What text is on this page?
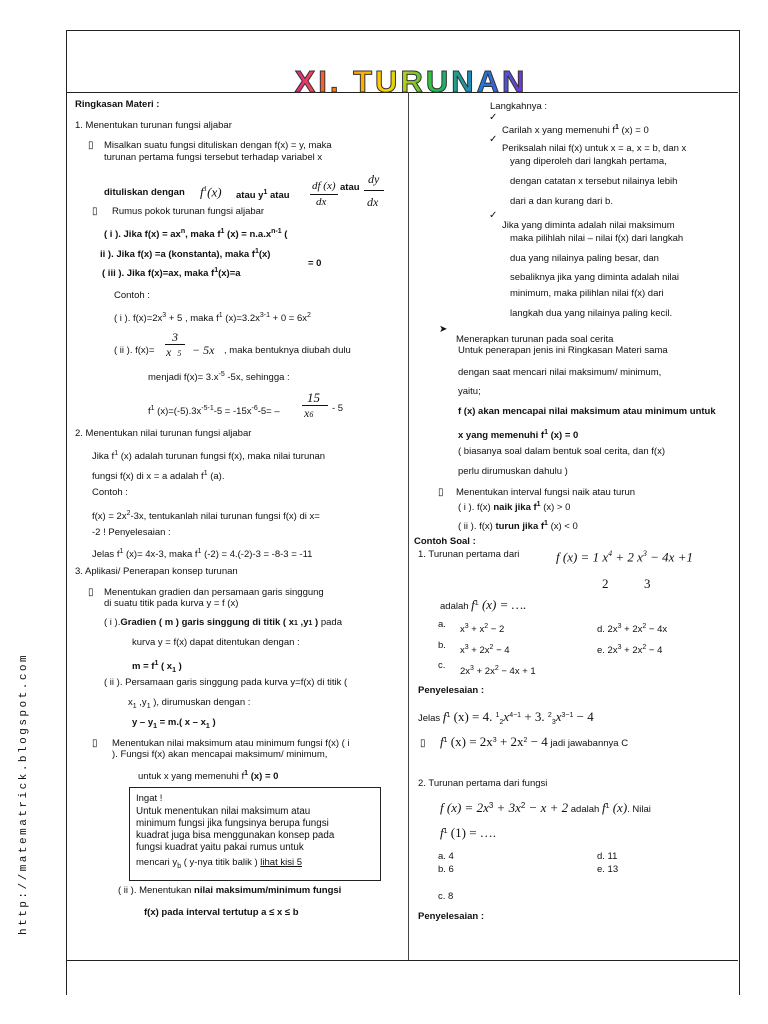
http://matematrick.blogspot.com
XI. TURUNAN
Ringkasan Materi :
1. Menentukan turunan fungsi aljabar
▯ Misalkan suatu fungsi dituliskan dengan f(x) = y, maka
turunan pertama fungsi tersebut terhadap variabel x
dituliskan dengan $f^1(x)$ atau $y^1$ atau
df (x)
dx
atau
dy
dx
▯ Rumus pokok turunan fungsi aljabar
( i ). Jika $f(x) = ax^n$, maka $f^1$ $(x) = n.a.x^{n-1}$ (
ii ). Jika f(x) =a (konstanta), maka $f^1(x)$
= 0
( iii ). Jika f(x)=ax, maka $f^1(x)=a$
Contoh :
( i ). $f(x)=2x^3 + 5$ , maka $f^1$ $(x)=3.2x^{3-1} + 0 = 6x^2$
( ii ). f(x)=
3
x 5 − 5x , maka bentuknya diubah dulu
menjadi $f(x)= 3.x^{-5}$ -5x, sehingga :
$f^1$ $(x)=(-5).3x^{-5-1}-5 = -15x^{-6}-5=$ –
15
x6
- 5
2. Menentukan nilai turunan fungsi aljabar
Jika $f^1$ (x) adalah turunan fungsi f(x), maka nilai turunan
fungsi f(x) di x = a adalah $f^1$ (a).
Contoh :
$f(x) = 2x^2-3x$, tentukanlah nilai turunan fungsi f(x) di x=
-2 ! Penyelesaian :
Jelas $f^1$ (x)= 4x-3, maka $f^1$ (-2) = 4.(-2)-3 = -8-3 = -11
3. Aplikasi/ Penerapan konsep turunan
▯ Menentukan gradien dan persamaan garis singgung
di suatu titik pada kurva y = f (x)
( i ).Gradien ( m ) garis singgung di titik ( x1 ,y1 ) pada
kurva y = f(x) dapat ditentukan dengan :
$m = f^1$ ( $x_1$ )
( ii ). Persamaan garis singgung pada kurva y=f(x) di titik (
$x_1$ $,y_1$ ), dirumuskan dengan :
$y - y_1 = m$.( x – $x_1$ )
▯ Menentukan nilai maksimum atau minimum fungsi f(x) ( i
). Fungsi f(x) akan mencapai maksimum/ minimum,
untuk x yang memenuhi $f^1$ (x) = 0
Ingat !
Untuk menentukan nilai maksimum atau
minimum fungsi jika fungsinya berupa fungsi
kuadrat juga bisa menggunakan konsep pada
fungsi kuadrat yaitu pakai rumus untuk
mencari $y_b$ ( y-nya titik balik ) lihat kisi 5
( ii ). Menentukan nilai maksimum/minimum fungsi
f(x) pada interval tertutup a ≤ x ≤ b
Langkahnya :
✓
Carilah x yang memenuhi $f^1$ (x) = 0
✓
Periksalah nilai f(x) untuk x = a, x = b, dan x
yang diperoleh dari langkah pertama,
dengan catatan x tersebut nilainya lebih
dari a dan kurang dari b.
✓
Jika yang diminta adalah nilai maksimum
maka pilihlah nilai – nilai f(x) dari langkah
dua yang nilainya paling besar, dan
sebaliknya jika yang diminta adalah nilai
minimum, maka pilihlan nilai f(x) dari
langkah dua yang nilainya paling kecil.
➤
Menerapkan turunan pada soal cerita
Untuk penerapan jenis ini Ringkasan Materi sama
dengan saat mencari nilai maksimum/ minimum,
yaitu;
f (x) akan mencapai nilai maksimum atau minimum untuk
x yang memenuhi $f^1$ (x) = 0
( biasanya soal dalam bentuk soal cerita, dan f(x)
perlu dirumuskan dahulu )
▯ Menentukan interval fungsi naik atau turun
( i ). f(x) naik jika $f^1$ (x) > 0
( ii ). f(x) turun jika $f^1$ (x) < 0
Contoh Soal :
1. Turunan pertama dari	f (x) = 1 $x^4 + 2$ $x^3 - 4x +1$
2	3
adalah $f^1$ (x) = ….
a. $x^3 + x^2 - 2$	d. $2x^3 + 2x^2 - 4x$
b. $x^3 + 2x^2 - 4$	e. $2x^3 + 2x^2 - 4$
c.
$2x^3 + 2x^2 - 4x + 1$
Penyelesaian :
Jelas $f^1$ (x) = 4. $^1_2x^{4-1} + 3$. $^2_3x^{3-1} - 4$
▯ $f^1$ $(x) = 2x^3 + 2x^2 - 4$ jadi jawabannya C
2. Turunan pertama dari fungsi
f $(x) = 2x^3 + 3x^2 - x + 2$ adalah $f^1$ (x). Nilai
$f^1$ (1) = ….
a. 4	d. 11
b. 6	e. 13
c. 8
Penyelesaian :
